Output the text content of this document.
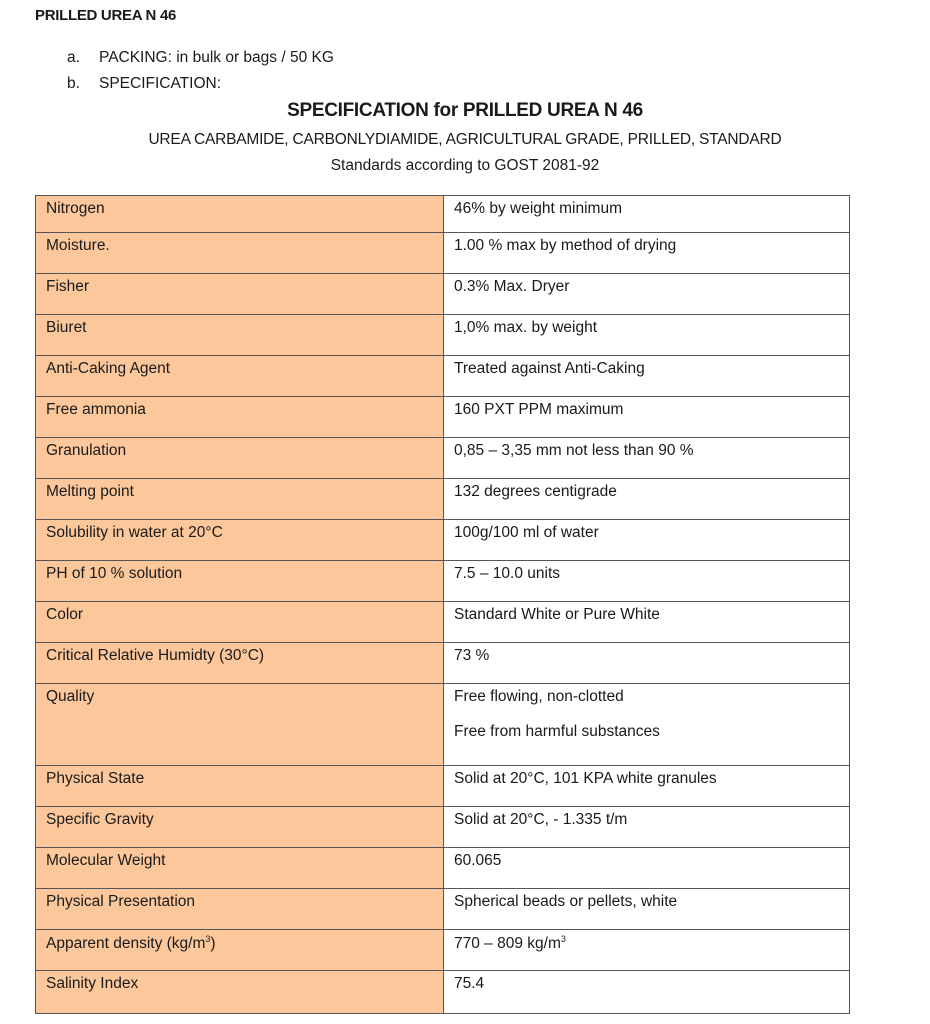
PRILLED UREA N 46
a.	PACKING: in bulk or bags / 50 KG
b.	SPECIFICATION:
SPECIFICATION for PRILLED UREA N 46
UREA CARBAMIDE, CARBONLYDIAMIDE, AGRICULTURAL GRADE, PRILLED, STANDARD
Standards according to GOST 2081-92
Nitrogen	46% by weight minimum
Moisture.	1.00 % max by method of drying
Fisher	0.3% Max. Dryer
Biuret	1,0% max. by weight
Anti-Caking Agent	Treated against Anti-Caking
Free ammonia	160 PXT PPM maximum
Granulation	0,85 – 3,35 mm not less than 90 %
Melting point	132 degrees centigrade
Solubility in water at 20°C	100g/100 ml of water
PH of 10 % solution	7.5 – 10.0 units
Color	Standard White or Pure White
Critical Relative Humidty (30°C)	73 %
Quality	Free flowing, non-clotted
Free from harmful substances

Physical State	Solid at 20°C, 101 KPA white granules
Specific Gravity	Solid at 20°C, - 1.335 t/m
Molecular Weight	60.065
Physical Presentation	Spherical beads or pellets, white
Apparent density $(kg/m^3)$	770 – 809 $kg/m^3$
Salinity Index	75.4
